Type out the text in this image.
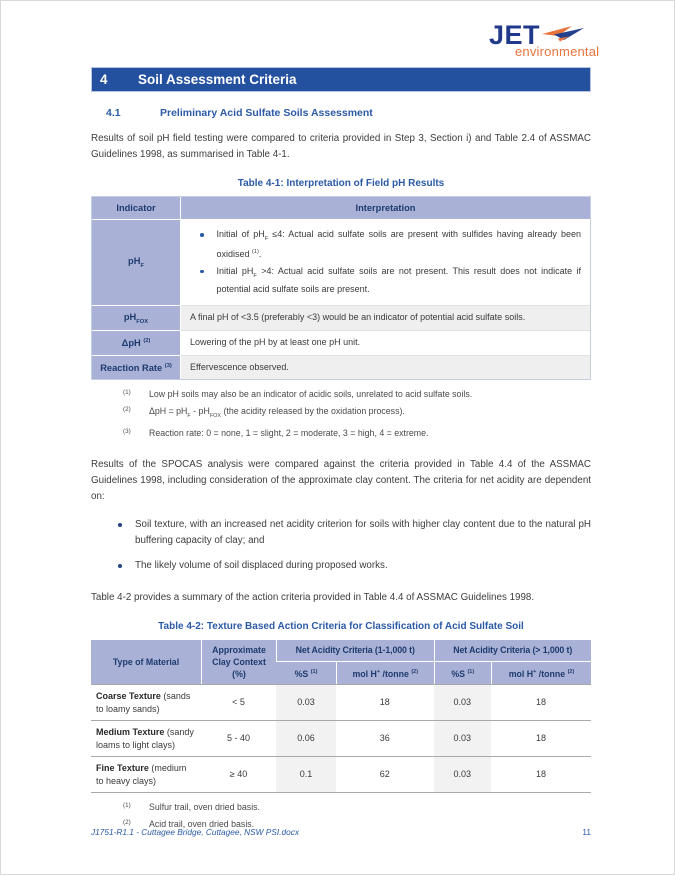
JET
environmental
4	Soil Assessment Criteria
4.1	Preliminary Acid Sulfate Soils Assessment

Results of soil pH field testing were compared to criteria provided in Step 3, Section i) and Table 2.4 of ASSMAC Guidelines 1998, as summarised in Table 4-1.

Table 4-1: Interpretation of Field pH Results
Indicator	Interpretation
$pH_F$	Initial of $pH_F \le 4$: Actual acid sulfate soils are present with sulfides having already been oxidised $^{(1)}$.
Initial $pH_F >4$: Actual acid sulfate soils are not present. This result does not indicate if potential acid sulfate soils are present.

$pH_{FOX}$	A final pH of <3.5 (preferably <3) would be an indicator of potential acid sulfate soils.
ΔpH $^{(2)}$	Lowering of the pH by at least one pH unit.
Reaction Rate $^{(3)}$	Effervescence observed.
(1)	Low pH soils may also be an indicator of acidic soils, unrelated to acid sulfate soils.
(2)	$\Delta pH = pH_F - pH_{FOX}$ (the acidity released by the oxidation process).
(3)	Reaction rate: 0 = none, 1 = slight, 2 = moderate, 3 = high, 4 = extreme.

Results of the SPOCAS analysis were compared against the criteria provided in Table 4.4 of the ASSMAC Guidelines 1998, including consideration of the approximate clay content. The criteria for net acidity are dependent on:

Soil texture, with an increased net acidity criterion for soils with higher clay content due to the natural pH buffering capacity of clay; and
The likely volume of soil displaced during proposed works.

Table 4-2 provides a summary of the action criteria provided in Table 4.4 of ASSMAC Guidelines 1998.

Table 4-2: Texture Based Action Criteria for Classification of Acid Sulfate Soil
Type of Material	Approximate Clay Context (%)	Net Acidity Criteria (1-1,000 t)		Net Acidity Criteria (> 1,000 t)	
		%S $^{(1)}$	mol H+ /tonne $^{(2)}$	%S $^{(1)}$	mol H+ /tonne $^{(2)}$
Coarse Texture (sands to loamy sands)	< 5	0.03	18	0.03	18
Medium Texture (sandy loams to light clays)	5 - 40	0.06	36	0.03	18
Fine Texture (medium to heavy clays)	≥ 40	0.1	62	0.03	18
(1)	Sulfur trail, oven dried basis.
(2)	Acid trail, oven dried basis.
J1751-R1.1 - Cuttagee Bridge, Cuttagee, NSW PSI.docx	11
